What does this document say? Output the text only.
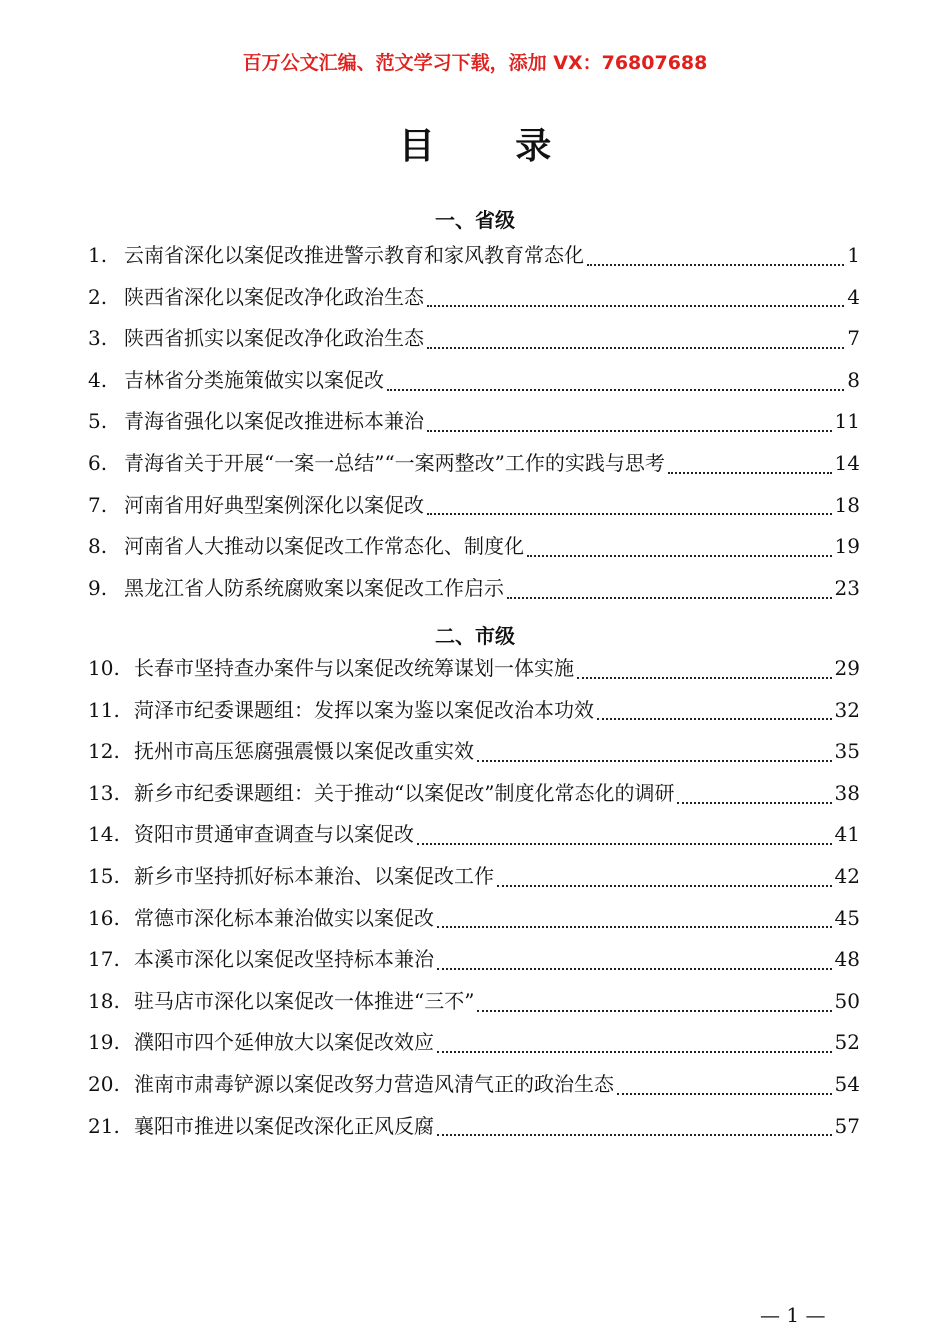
百万公文汇编、范文学习下载，添加 VX：76807688
目 录
一、省级
1. 云南省深化以案促改推进警示教育和家风教育常态化	1
2. 陕西省深化以案促改净化政治生态	4
3. 陕西省抓实以案促改净化政治生态	7
4. 吉林省分类施策做实以案促改	8
5. 青海省强化以案促改推进标本兼治	11
6. 青海省关于开展“一案一总结”“一案两整改”工作的实践与思考	14
7. 河南省用好典型案例深化以案促改	18
8. 河南省人大推动以案促改工作常态化、制度化	19
9. 黑龙江省人防系统腐败案以案促改工作启示	23
二、市级
10. 长春市坚持查办案件与以案促改统筹谋划一体实施	29
11. 菏泽市纪委课题组：发挥以案为鉴以案促改治本功效	32
12. 抚州市高压惩腐强震慑以案促改重实效	35
13. 新乡市纪委课题组：关于推动“以案促改”制度化常态化的调研	38
14. 资阳市贯通审查调查与以案促改	41
15. 新乡市坚持抓好标本兼治、以案促改工作	42
16. 常德市深化标本兼治做实以案促改	45
17. 本溪市深化以案促改坚持标本兼治	48
18. 驻马店市深化以案促改一体推进“三不”	50
19. 濮阳市四个延伸放大以案促改效应	52
20. 淮南市肃毒铲源以案促改努力营造风清气正的政治生态	54
21. 襄阳市推进以案促改深化正风反腐	57
— 1 —
